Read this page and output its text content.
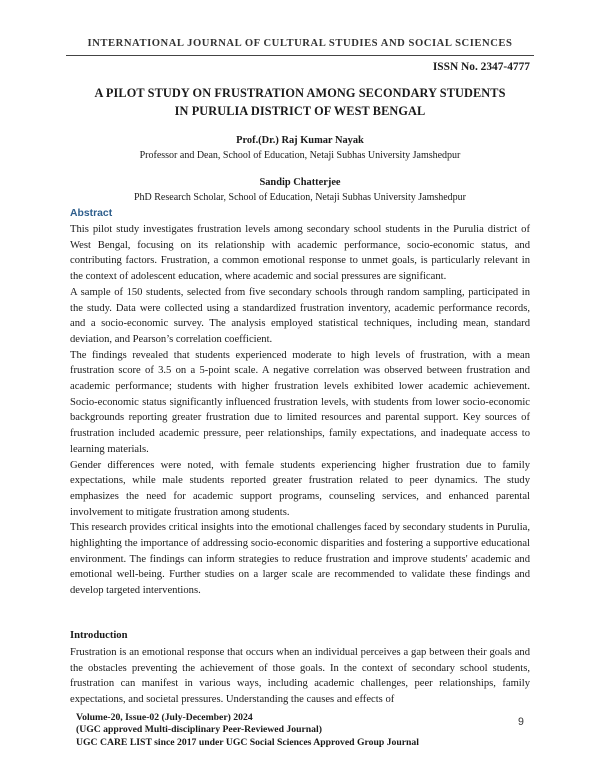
INTERNATIONAL JOURNAL OF CULTURAL STUDIES AND SOCIAL SCIENCES
ISSN No. 2347-4777
A PILOT STUDY ON FRUSTRATION AMONG SECONDARY STUDENTS
IN PURULIA DISTRICT OF WEST BENGAL
Prof.(Dr.) Raj Kumar Nayak
Professor and Dean, School of Education, Netaji Subhas University Jamshedpur
Sandip Chatterjee
PhD Research Scholar, School of Education, Netaji Subhas University Jamshedpur
Abstract

This pilot study investigates frustration levels among secondary school students in the Purulia district of West Bengal, focusing on its relationship with academic performance, socio-economic status, and contributing factors. Frustration, a common emotional response to unmet goals, is particularly relevant in the context of adolescent education, where academic and social pressures are significant.

A sample of 150 students, selected from five secondary schools through random sampling, participated in the study. Data were collected using a standardized frustration inventory, academic performance records, and a socio-economic survey. The analysis employed statistical techniques, including mean, standard deviation, and Pearson’s correlation coefficient.

The findings revealed that students experienced moderate to high levels of frustration, with a mean frustration score of 3.5 on a 5-point scale. A negative correlation was observed between frustration and academic performance; students with higher frustration levels exhibited lower academic achievement. Socio-economic status significantly influenced frustration levels, with students from lower socio-economic backgrounds reporting greater frustration due to limited resources and parental support. Key sources of frustration included academic pressure, peer relationships, family expectations, and inadequate access to learning materials.

Gender differences were noted, with female students experiencing higher frustration due to family expectations, while male students reported greater frustration related to peer dynamics. The study emphasizes the need for academic support programs, counseling services, and enhanced parental involvement to mitigate frustration among students.

This research provides critical insights into the emotional challenges faced by secondary students in Purulia, highlighting the importance of addressing socio-economic disparities and fostering a supportive educational environment. The findings can inform strategies to reduce frustration and improve students' academic and emotional well-being. Further studies on a larger scale are recommended to validate these findings and develop targeted interventions.

Introduction

Frustration is an emotional response that occurs when an individual perceives a gap between their goals and the obstacles preventing the achievement of those goals. In the context of secondary school students, frustration can manifest in various ways, including academic challenges, peer relationships, family expectations, and societal pressures. Understanding the causes and effects of

Volume-20, Issue-02 (July-December) 2024
(UGC approved Multi-disciplinary Peer-Reviewed Journal)
UGC CARE LIST since 2017 under UGC Social Sciences Approved Group Journal
9
